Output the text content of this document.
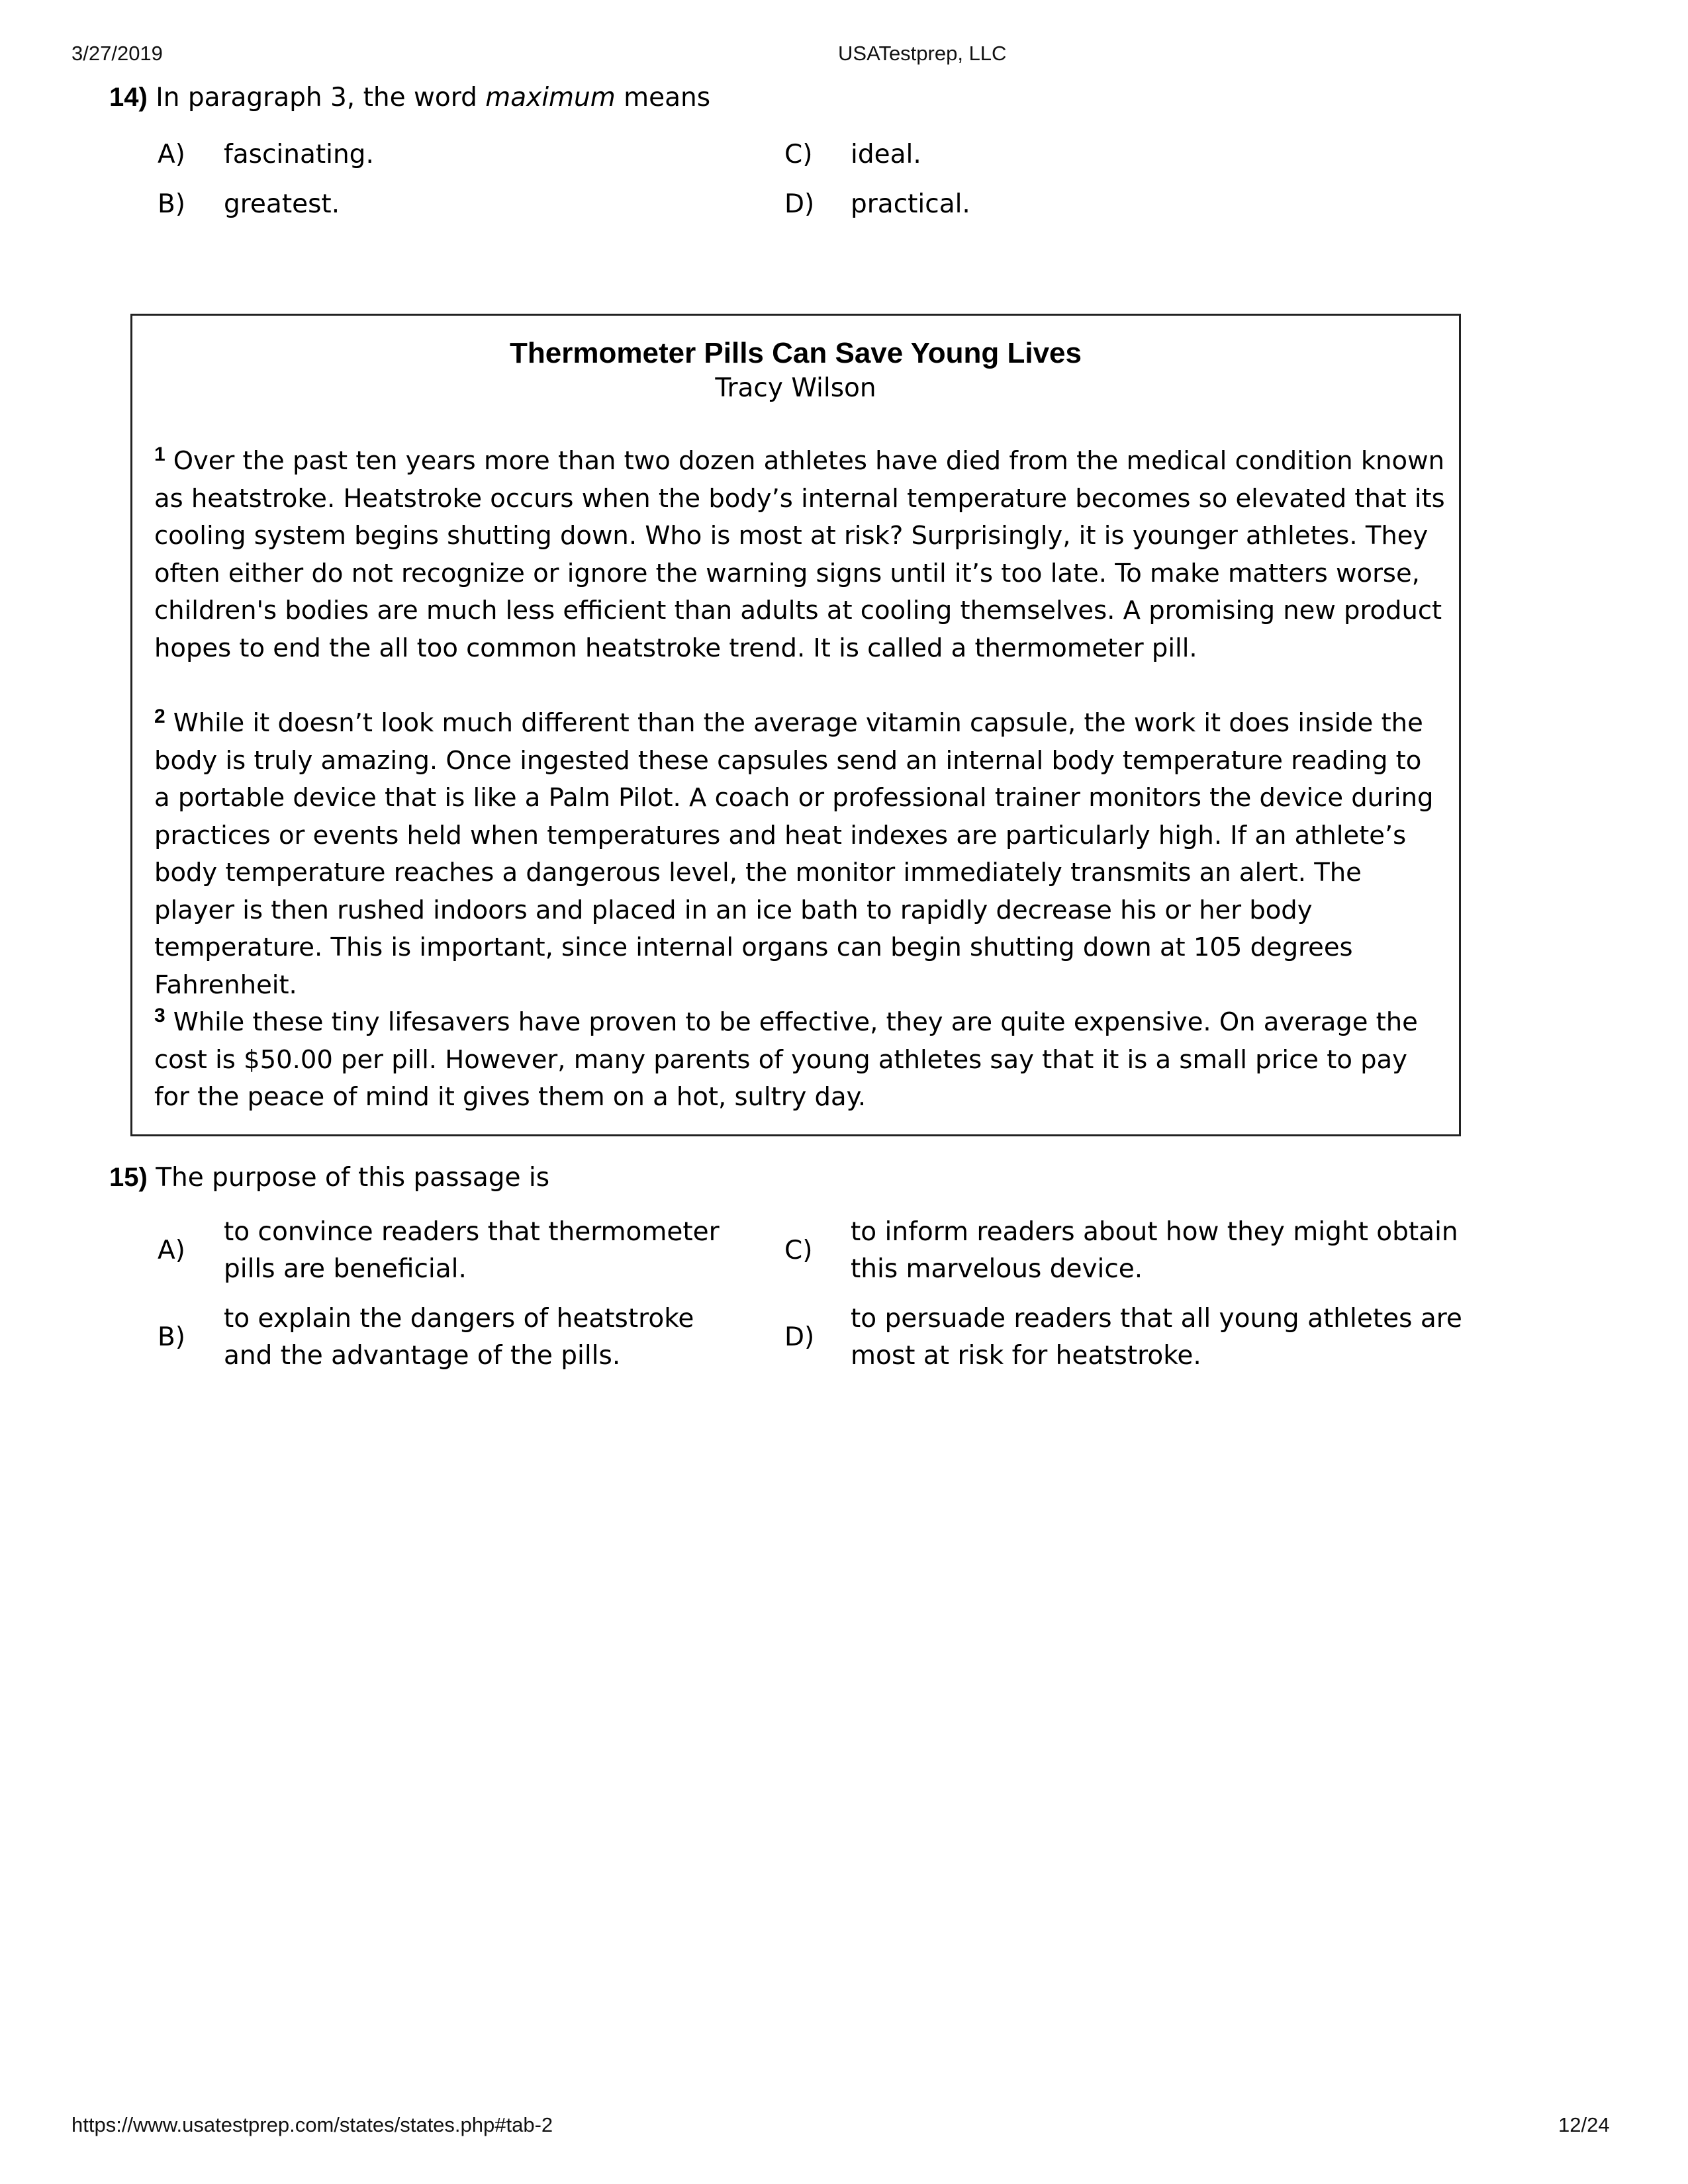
3/27/2019	USATestprep, LLC
14) In paragraph 3, the word maximum means
A)	fascinating.
B)	greatest.
C)	ideal.
D)	practical.
Thermometer Pills Can Save Young Lives
Tracy Wilson

$^1$ Over the past ten years more than two dozen athletes have died from the medical condition known as heatstroke. Heatstroke occurs when the body’s internal temperature becomes so elevated that its cooling system begins shutting down. Who is most at risk? Surprisingly, it is younger athletes. They often either do not recognize or ignore the warning signs until it’s too late. To make matters worse, children's bodies are much less efficient than adults at cooling themselves. A promising new product hopes to end the all too common heatstroke trend. It is called a thermometer pill.

$^2$ While it doesn’t look much different than the average vitamin capsule, the work it does inside the body is truly amazing. Once ingested these capsules send an internal body temperature reading to a portable device that is like a Palm Pilot. A coach or professional trainer monitors the device during practices or events held when temperatures and heat indexes are particularly high. If an athlete’s body temperature reaches a dangerous level, the monitor immediately transmits an alert. The player is then rushed indoors and placed in an ice bath to rapidly decrease his or her body temperature. This is important, since internal organs can begin shutting down at 105 degrees Fahrenheit.

$^3$ While these tiny lifesavers have proven to be effective, they are quite expensive. On average the cost is $50.00 per pill. However, many parents of young athletes say that it is a small price to pay for the peace of mind it gives them on a hot, sultry day.

15) The purpose of this passage is
A)
to convince readers that thermometer pills are beneficial.
B)
to explain the dangers of heatstroke and the advantage of the pills.
C)
to inform readers about how they might obtain this marvelous device.
D)
to persuade readers that all young athletes are most at risk for heatstroke.
https://www.usatestprep.com/states/states.php#tab-2	12/24
